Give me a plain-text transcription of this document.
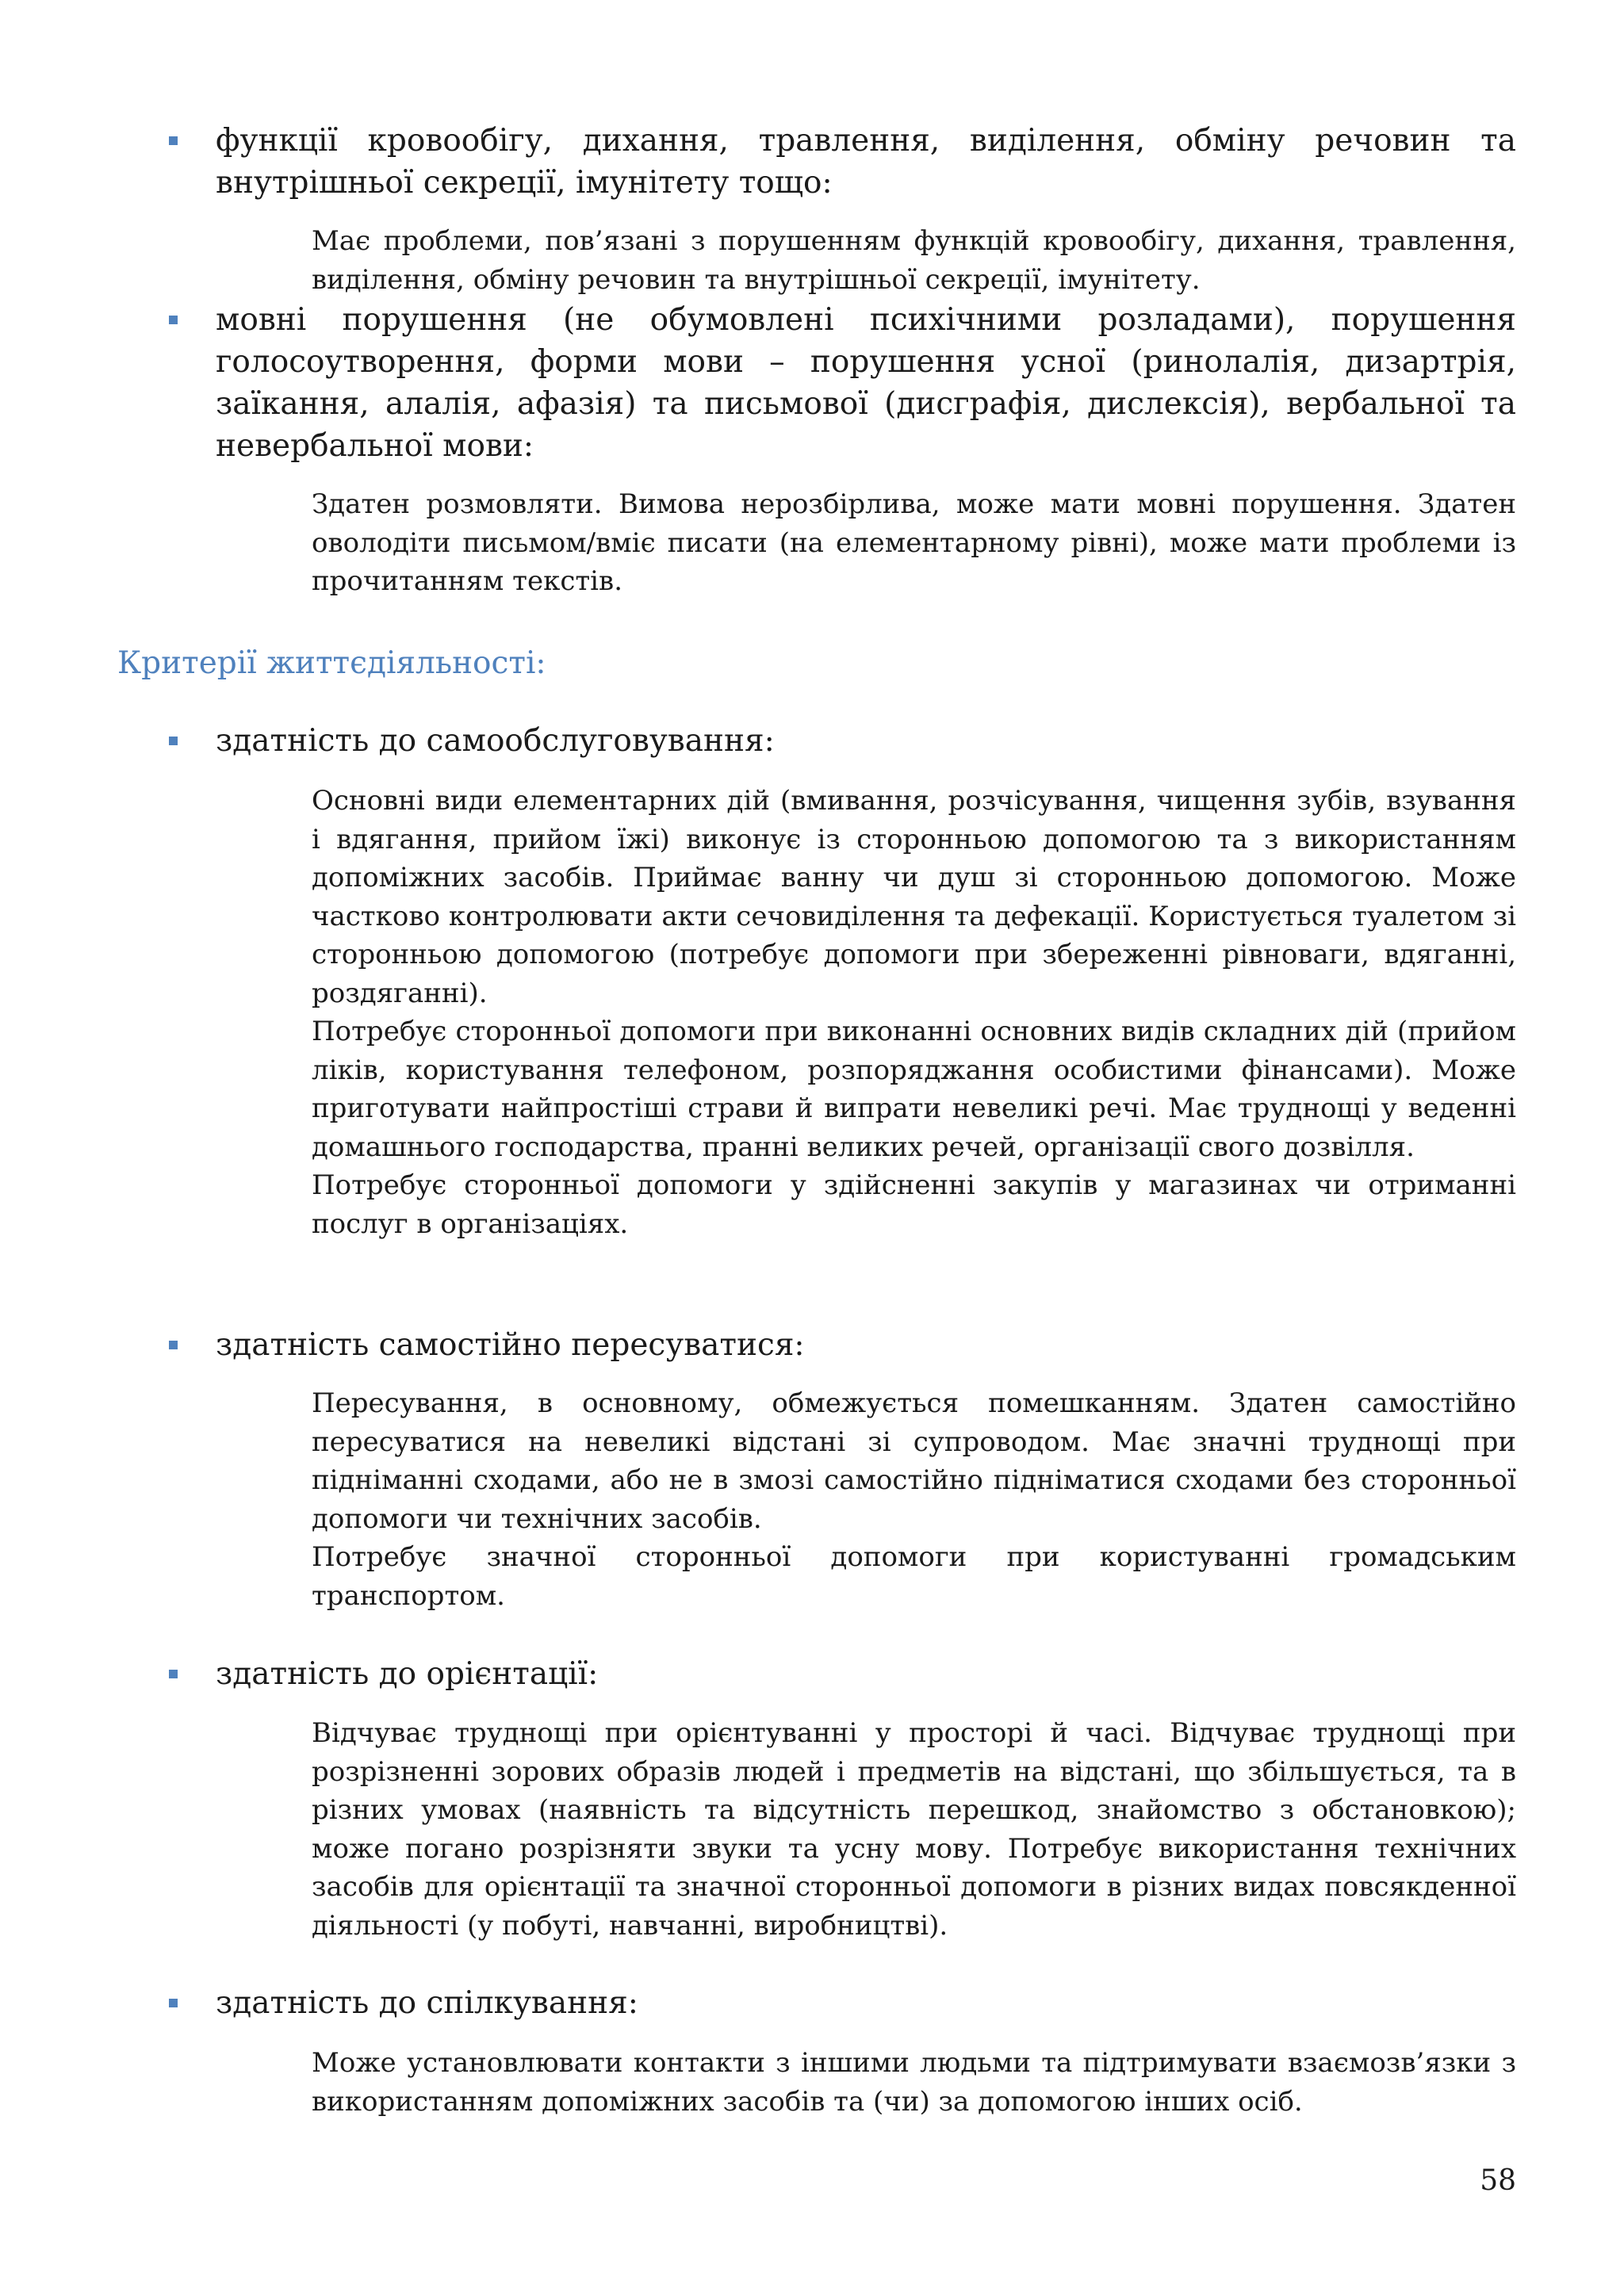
функції кровообігу, дихання, травлення, виділення, обміну речовин та внутрішньої секреції, імунітету тощо:

Має проблеми, пов’язані з порушенням функцій кровообігу, дихання, травлення, виділення, обміну речовин та внутрішньої секреції, імунітету.

мовні порушення (не обумовлені психічними розладами), порушення голосоутворення, форми мови – порушення усної (ринолалія, дизартрія, заїкання, алалія, афазія) та письмової (дисграфія, дислексія), вербальної та невербальної мови:

Здатен розмовляти. Вимова нерозбірлива, може мати мовні порушення. Здатен оволодіти письмом/вміє писати (на елементарному рівні), може мати проблеми із прочитанням текстів.

Критерії життєдіяльності:
здатність до самообслуговування:

Основні види елементарних дій (вмивання, розчісування, чищення зубів, взування і вдягання, прийом їжі) виконує із сторонньою допомогою та з використанням допоміжних засобів. Приймає ванну чи душ зі сторонньою допомогою. Може частково контролювати акти сечовиділення та дефекації. Користується туалетом зі сторонньою допомогою (потребує допомоги при збереженні рівноваги, вдяганні, роздяганні).

Потребує сторонньої допомоги при виконанні основних видів складних дій (прийом ліків, користування телефоном, розпоряджання особистими фінансами). Може приготувати найпростіші страви й випрати невеликі речі. Має труднощі у веденні домашнього господарства, пранні великих речей, організації свого дозвілля.

Потребує сторонньої допомоги у здійсненні закупів у магазинах чи отриманні послуг в організаціях.

здатність самостійно пересуватися:

Пересування, в основному, обмежується помешканням. Здатен самостійно пересуватися на невеликі відстані зі супроводом. Має значні труднощі при підніманні сходами, або не в змозі самостійно підніматися сходами без сторонньої допомоги чи технічних засобів.

Потребує значної сторонньої допомоги при користуванні громадським транспортом.

здатність до орієнтації:

Відчуває труднощі при орієнтуванні у просторі й часі. Відчуває труднощі при розрізненні зорових образів людей і предметів на відстані, що збільшується, та в різних умовах (наявність та відсутність перешкод, знайомство з обстановкою); може погано розрізняти звуки та усну мову. Потребує використання технічних засобів для орієнтації та значної сторонньої допомоги в різних видах повсякденної діяльності (у побуті, навчанні, виробництві).

здатність до спілкування:

Може установлювати контакти з іншими людьми та підтримувати взаємозв’язки з використанням допоміжних засобів та (чи) за допомогою інших осіб.

58
